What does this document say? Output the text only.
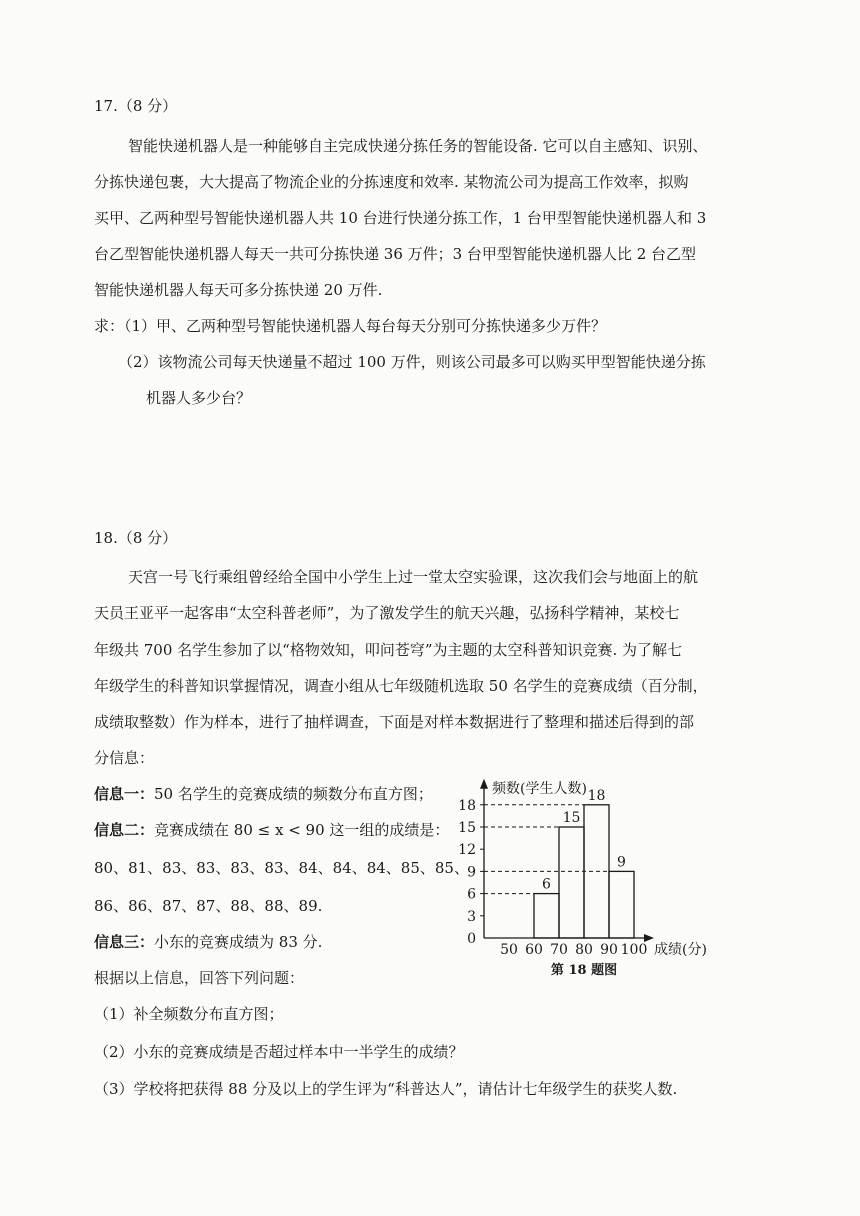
17.（8 分）
智能快递机器人是一种能够自主完成快递分拣任务的智能设备. 它可以自主感知、识别、
分拣快递包裹，大大提高了物流企业的分拣速度和效率. 某物流公司为提高工作效率，拟购
买甲、乙两种型号智能快递机器人共 10 台进行快递分拣工作，1 台甲型智能快递机器人和 3
台乙型智能快递机器人每天一共可分拣快递 36 万件；3 台甲型智能快递机器人比 2 台乙型
智能快递机器人每天可多分拣快递 20 万件.
求：（1）甲、乙两种型号智能快递机器人每台每天分别可分拣快递多少万件？
（2）该物流公司每天快递量不超过 100 万件，则该公司最多可以购买甲型智能快递分拣
机器人多少台？
18.（8 分）
天宫一号飞行乘组曾经给全国中小学生上过一堂太空实验课，这次我们会与地面上的航
天员王亚平一起客串“太空科普老师”，为了激发学生的航天兴趣，弘扬科学精神，某校七
年级共 700 名学生参加了以“格物效知，叩问苍穹”为主题的太空科普知识竞赛. 为了解七
年级学生的科普知识掌握情况，调查小组从七年级随机选取 50 名学生的竞赛成绩（百分制，
成绩取整数）作为样本，进行了抽样调查，下面是对样本数据进行了整理和描述后得到的部
分信息：
信息一：50 名学生的竞赛成绩的频数分布直方图；
信息二：竞赛成绩在 80 ≤ x < 90 这一组的成绩是：
80、81、83、83、83、83、84、84、84、85、85、
86、86、87、87、88、88、89.
信息三：小东的竞赛成绩为 83 分.
根据以上信息，回答下列问题：
（1）补全频数分布直方图；
（2）小东的竞赛成绩是否超过样本中一半学生的成绩？
（3）学校将把获得 88 分及以上的学生评为“科普达人”，请估计七年级学生的获奖人数.
频数(学生人数)
成绩(分)
0
3
6
9
12
15
18
50 60 70 80 90 100
6
15
18
9
第 18 题图
